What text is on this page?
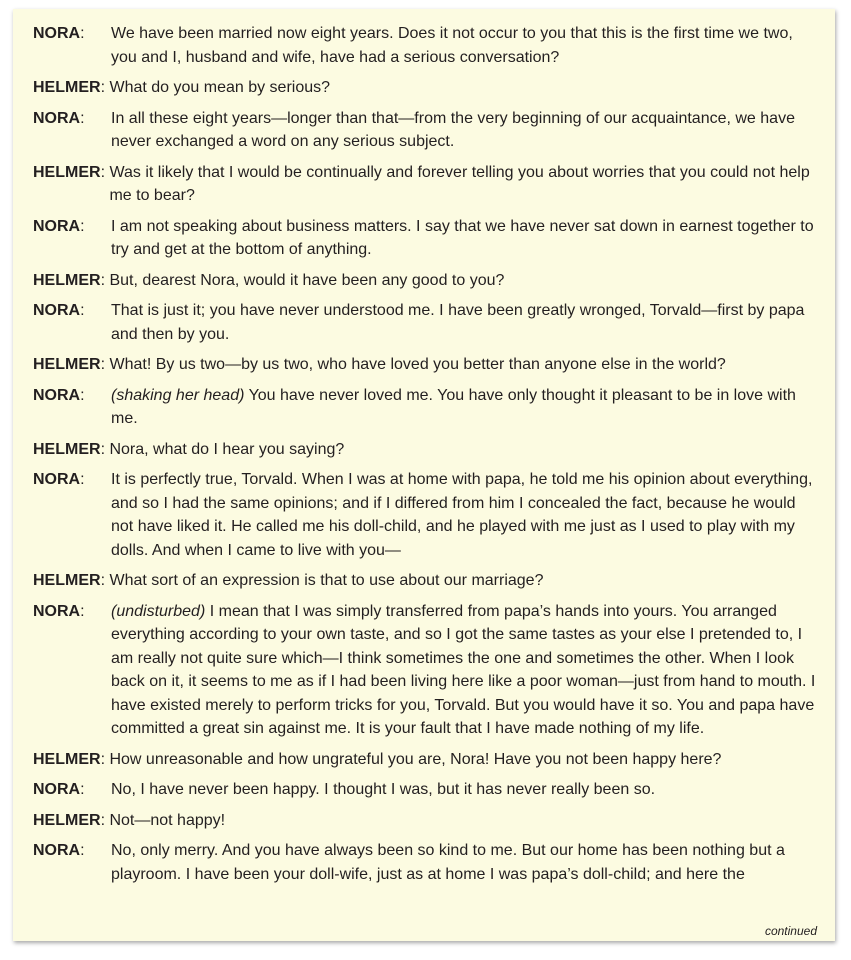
NORA:	We have been married now eight years. Does it not occur to you that this is the first time we two, you and I, husband and wife, have had a serious conversation?
HELMER: What do you mean by serious?
NORA:	In all these eight years—longer than that—from the very beginning of our acquaintance, we have never exchanged a word on any serious subject.
HELMER: Was it likely that I would be continually and forever telling you about worries that you could not help me to bear?
NORA:	I am not speaking about business matters. I say that we have never sat down in earnest together to try and get at the bottom of anything.
HELMER: But, dearest Nora, would it have been any good to you?
NORA:	That is just it; you have never understood me. I have been greatly wronged, Torvald—first by papa and then by you.
HELMER: What! By us two—by us two, who have loved you better than anyone else in the world?
NORA:	(shaking her head) You have never loved me. You have only thought it pleasant to be in love with me.
HELMER: Nora, what do I hear you saying?
NORA:	It is perfectly true, Torvald. When I was at home with papa, he told me his opinion about everything, and so I had the same opinions; and if I differed from him I concealed the fact, because he would not have liked it. He called me his doll-child, and he played with me just as I used to play with my dolls. And when I came to live with you—
HELMER: What sort of an expression is that to use about our marriage?
NORA:	(undisturbed) I mean that I was simply transferred from papa’s hands into yours. You arranged everything according to your own taste, and so I got the same tastes as your else I pretended to, I am really not quite sure which—I think sometimes the one and sometimes the other. When I look back on it, it seems to me as if I had been living here like a poor woman—just from hand to mouth. I have existed merely to perform tricks for you, Torvald. But you would have it so. You and papa have committed a great sin against me. It is your fault that I have made nothing of my life.
HELMER: How unreasonable and how ungrateful you are, Nora! Have you not been happy here?
NORA:	No, I have never been happy. I thought I was, but it has never really been so.
HELMER: Not—not happy!
NORA:	No, only merry. And you have always been so kind to me. But our home has been nothing but a playroom. I have been your doll-wife, just as at home I was papa’s doll-child; and here the
continued
